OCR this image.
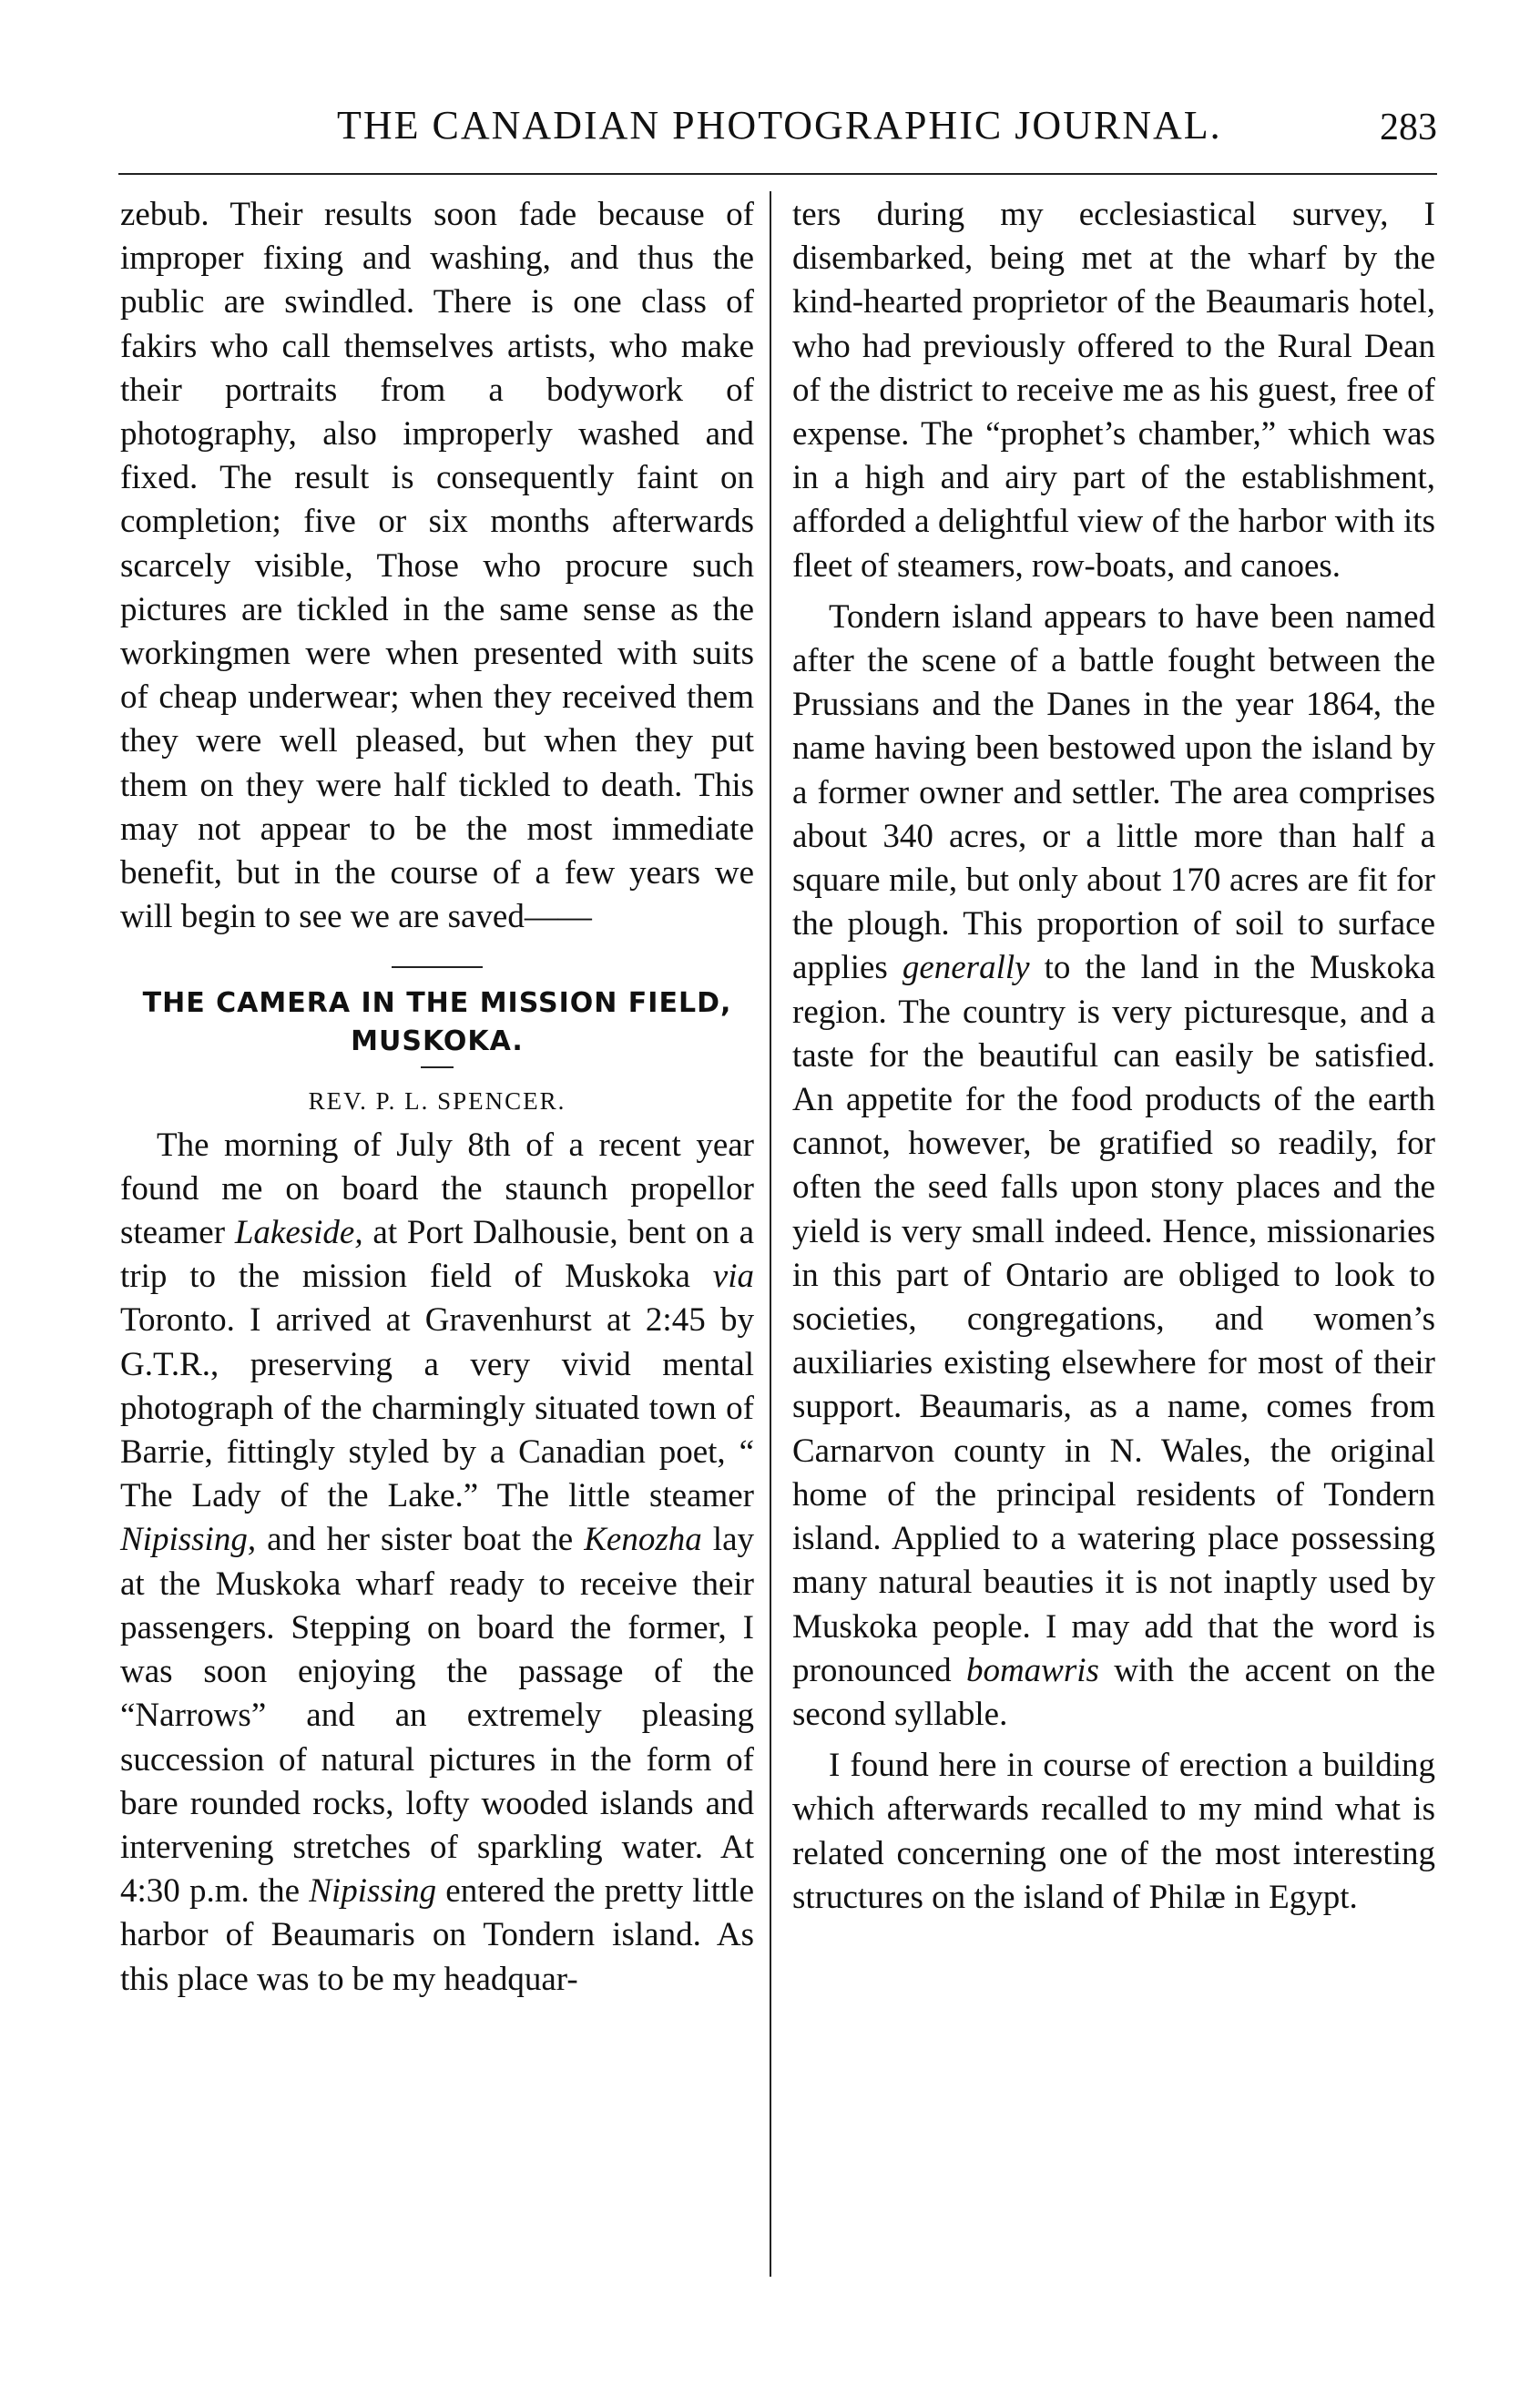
THE CANADIAN PHOTOGRAPHIC JOURNAL.	283

zebub. Their results soon fade because of improper fixing and washing, and thus the public are swindled. There is one class of fakirs who call themselves artists, who make their portraits from a bodywork of photography, also improperly washed and fixed. The result is consequently faint on completion; five or six months afterwards scarcely visible, Those who procure such pictures are tickled in the same sense as the workingmen were when presented with suits of cheap underwear; when they received them they were well pleased, but when they put them on they were half tickled to death. This may not appear to be the most immediate benefit, but in the course of a few years we will begin to see we are saved——

THE CAMERA IN THE MISSION FIELD, MUSKOKA.

REV. P. L. SPENCER.

The morning of July 8th of a recent year found me on board the staunch propellor steamer Lakeside, at Port Dalhousie, bent on a trip to the mission field of Muskoka via Toronto. I arrived at Gravenhurst at 2:45 by G.T.R., preserving a very vivid mental photograph of the charmingly situated town of Barrie, fittingly styled by a Canadian poet, “ The Lady of the Lake.” The little steamer Nipissing, and her sister boat the Kenozha lay at the Muskoka wharf ready to receive their passengers. Stepping on board the former, I was soon enjoying the passage of the “Narrows” and an extremely pleasing succession of natural pictures in the form of bare rounded rocks, lofty wooded islands and intervening stretches of sparkling water. At 4:30 p.m. the Nipissing entered the pretty little harbor of Beaumaris on Tondern island. As this place was to be my headquar-

ters during my ecclesiastical survey, I disembarked, being met at the wharf by the kind-hearted proprietor of the Beaumaris hotel, who had previously offered to the Rural Dean of the district to receive me as his guest, free of expense. The “prophet’s chamber,” which was in a high and airy part of the establishment, afforded a delightful view of the harbor with its fleet of steamers, row-boats, and canoes.

Tondern island appears to have been named after the scene of a battle fought between the Prussians and the Danes in the year 1864, the name having been bestowed upon the island by a former owner and settler. The area comprises about 340 acres, or a little more than half a square mile, but only about 170 acres are fit for the plough. This proportion of soil to surface applies generally to the land in the Muskoka region. The country is very picturesque, and a taste for the beautiful can easily be satisfied. An appetite for the food products of the earth cannot, however, be gratified so readily, for often the seed falls upon stony places and the yield is very small indeed. Hence, missionaries in this part of Ontario are obliged to look to societies, congregations, and women’s auxiliaries existing elsewhere for most of their support. Beaumaris, as a name, comes from Carnarvon county in N. Wales, the original home of the principal residents of Tondern island. Applied to a watering place possessing many natural beauties it is not inaptly used by Muskoka people. I may add that the word is pronounced bomawris with the accent on the second syllable.

I found here in course of erection a building which afterwards recalled to my mind what is related concerning one of the most interesting structures on the island of Philæ in Egypt.
